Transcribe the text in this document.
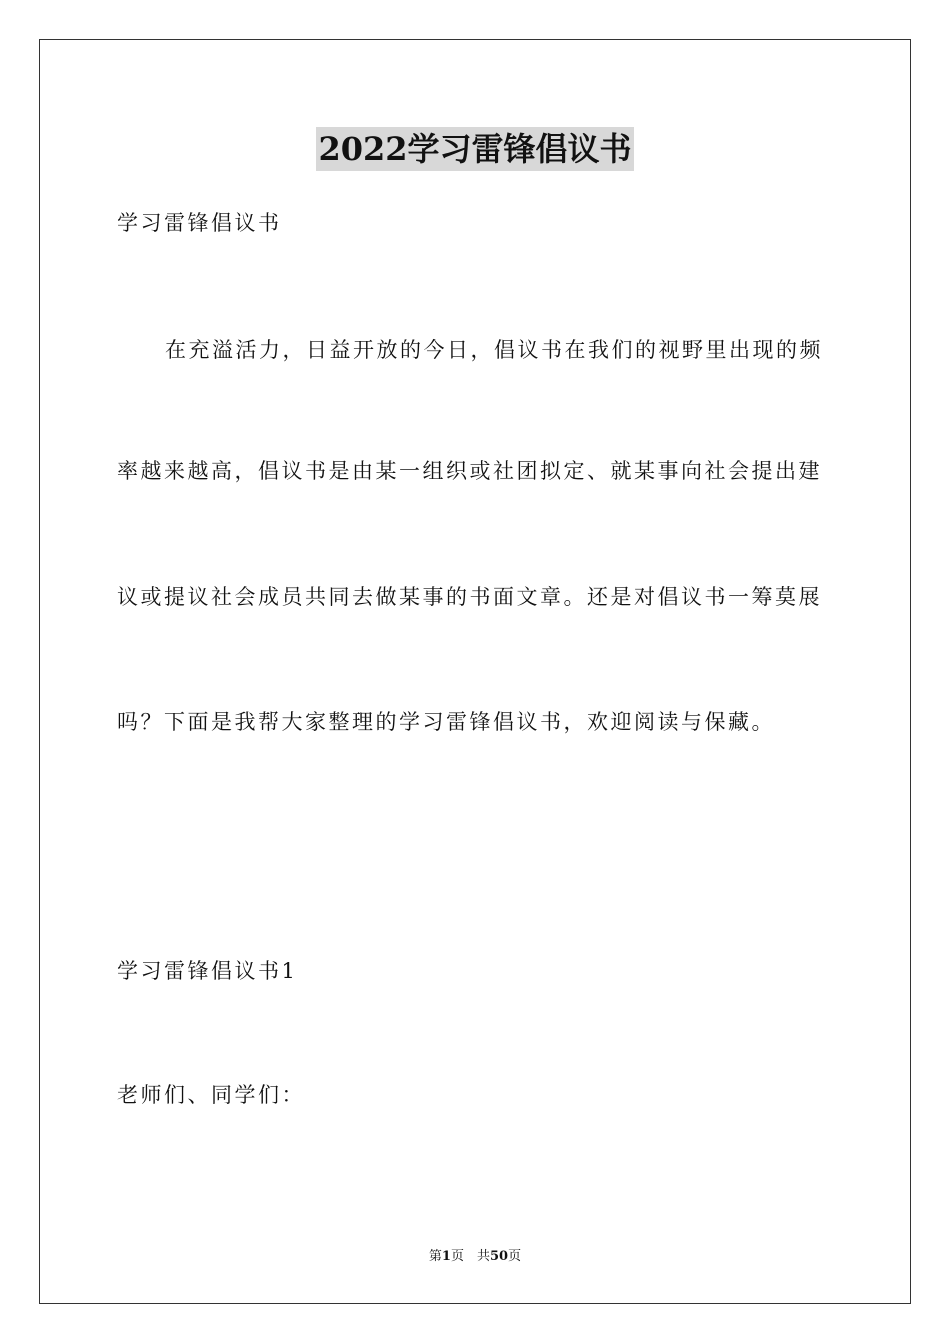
2022学习雷锋倡议书
学习雷锋倡议书
在充溢活力，日益开放的今日，倡议书在我们的视野里出现的频
率越来越高，倡议书是由某一组织或社团拟定、就某事向社会提出建
议或提议社会成员共同去做某事的书面文章。还是对倡议书一筹莫展
吗？下面是我帮大家整理的学习雷锋倡议书，欢迎阅读与保藏。
学习雷锋倡议书1
老师们、同学们：
第1页　共50页
